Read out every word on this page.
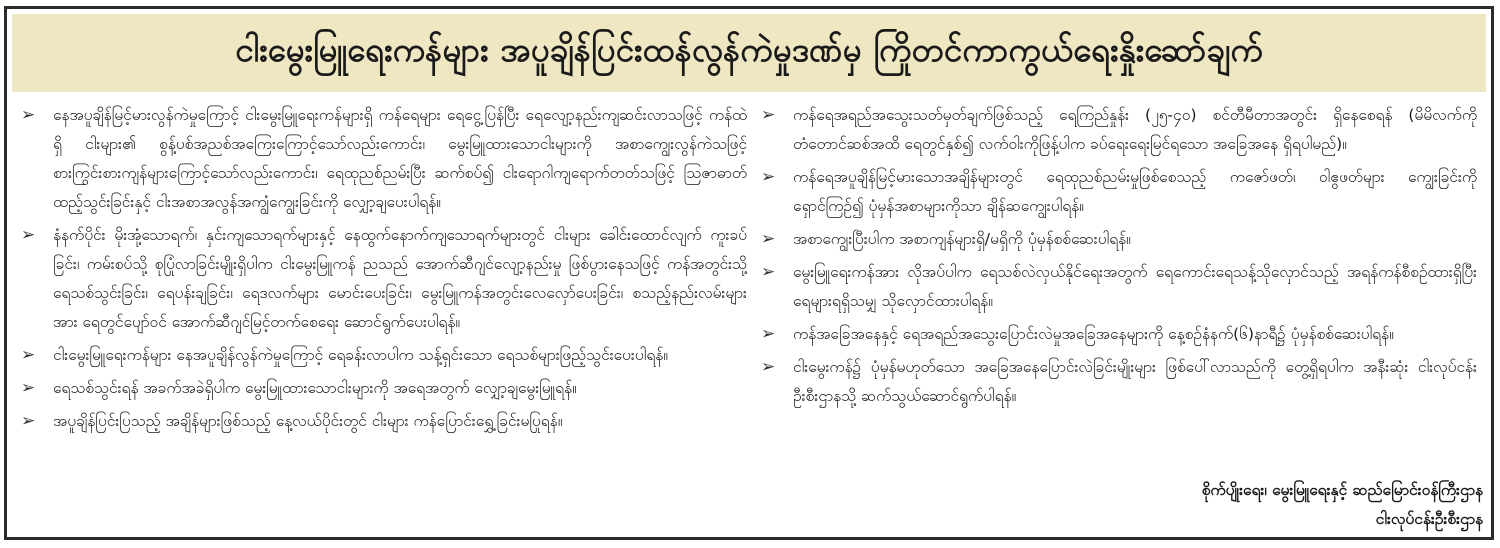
ငါးမွေးမြူရေးကန်များ အပူချိန်ပြင်းထန်လွန်ကဲမှုဒဏ်မှ ကြိုတင်ကာကွယ်ရေးနှိုးဆော်ချက်
➢ နေအပူချိန်မြင့်မားလွန်ကဲမှုကြောင့် ငါးမွေးမြူရေးကန်များရှိ ကန်ရေများ ရေငွေ့ပြန်ပြီး ရေလျော့နည်းကျဆင်းလာသဖြင့် ကန်ထဲရှိ ငါးများ၏ စွန့်ပစ်အညစ်အကြေးကြောင့်သော်လည်းကောင်း၊ မွေးမြူထားသောငါးများကို အစာကျွေးလွန်ကဲသဖြင့် စားကြွင်းစားကျန်များကြောင့်သော်လည်းကောင်း၊ ရေထုညစ်ညမ်းပြီး ဆက်စပ်၍ ငါးရောဂါကျရောက်တတ်သဖြင့် ဩဇာဓာတ်ထည့်သွင်းခြင်းနှင့် ငါးအစာအလွန်အကျွံကျွေးခြင်းကို လျှော့ချပေးပါရန်။
➢ နံနက်ပိုင်း မိုးအုံ့သောရက်၊ နှင်းကျသောရက်များနှင့် နေထွက်နောက်ကျသောရက်များတွင် ငါးများ ခေါင်းထောင်လျက် ကူးခပ်ခြင်း၊ ကမ်းစပ်သို့ စုပြုံလာခြင်းမျိုးရှိပါက ငါးမွေးမြူကန် ညသည် အောက်ဆီဂျင်လျော့နည်းမှု ဖြစ်ပွားနေသဖြင့် ကန်အတွင်းသို့ ရေသစ်သွင်းခြင်း၊ ရေပန်းချခြင်း၊ ရေဒလက်များ မောင်းပေးခြင်း၊ မွေးမြူကန်အတွင်းလေလှော်ပေးခြင်း၊ စသည့်နည်းလမ်းများအား ရေတွင်ပျော်ဝင် အောက်ဆီဂျင်မြင့်တက်စေရေး ဆောင်ရွက်ပေးပါရန်။
➢ ငါးမွေးမြူရေးကန်များ နေအပူချိန်လွန်ကဲမှုကြောင့် ရေခန်းလာပါက သန့်ရှင်းသော ရေသစ်များဖြည့်သွင်းပေးပါရန်။
➢ ရေသစ်သွင်းရန် အခက်အခဲရှိပါက မွေးမြူထားသောငါးများကို အရေအတွက် လျှော့ချမွေးမြူရန်။
➢ အပူချိန်ပြင်းပြသည့် အချိန်များဖြစ်သည့် နေ့လယ်ပိုင်းတွင် ငါးများ ကန်ပြောင်းရွှေ့ခြင်းမပြုရန်။
➢ ကန်ရေအရည်အသွေးသတ်မှတ်ချက်ဖြစ်သည့် ရေကြည်နှုန်း (၂၅-၄၀) စင်တီမီတာအတွင်း ရှိနေစေရန် (မိမိလက်ကို တံတောင်ဆစ်အထိ ရေတွင်နှစ်၍ လက်ဝါးကိုဖြန့်ပါက ခပ်ရေးရေးမြင်ရသော အခြေအနေ ရှိရပါမည်)။
➢ ကန်ရေအပူချိန်မြင့်မားသောအချိန်များတွင် ရေထုညစ်ညမ်းမှုဖြစ်စေသည့် ကဇော်ဖတ်၊ ဝါဧွဖတ်များ ကျွေးခြင်းကို ရှောင်ကြဉ်၍ ပုံမှန်အစာများကိုသာ ချိန်ဆကျွေးပါရန်။
➢ အစာကျွေးပြီးပါက အစာကျန်များရှိ/မရှိကို ပုံမှန်စစ်ဆေးပါရန်။
➢ မွေးမြူရေးကန်အား လိုအပ်ပါက ရေသစ်လဲလှယ်နိုင်ရေးအတွက် ရေကောင်းရေသန့်သိုလှောင်သည့် အရန်ကန်စီစဉ်ထားရှိပြီး ရေများရရှိသမျှ သိုလှောင်ထားပါရန်။
➢ ကန်အခြေအနေနှင့် ရေအရည်အသွေးပြောင်းလဲမှုအခြေအနေများကို နေ့စဉ်နံနက်(၆)နာရီ၌ ပုံမှန်စစ်ဆေးပါရန်။
➢ ငါးမွေးကန်၌ ပုံမှန်မဟုတ်သော အခြေအနေပြောင်းလဲခြင်းမျိုးများ ဖြစ်ပေါ်လာသည်ကို တွေ့ရှိရပါက အနီးဆုံး ငါးလုပ်ငန်းဦးစီးဌာနသို့ ဆက်သွယ်ဆောင်ရွက်ပါရန်။
စိုက်ပျိုးရေး၊ မွေးမြူရေးနှင့် ဆည်မြောင်းဝန်ကြီးဌာန
ငါးလုပ်ငန်းဦးစီးဌာန
